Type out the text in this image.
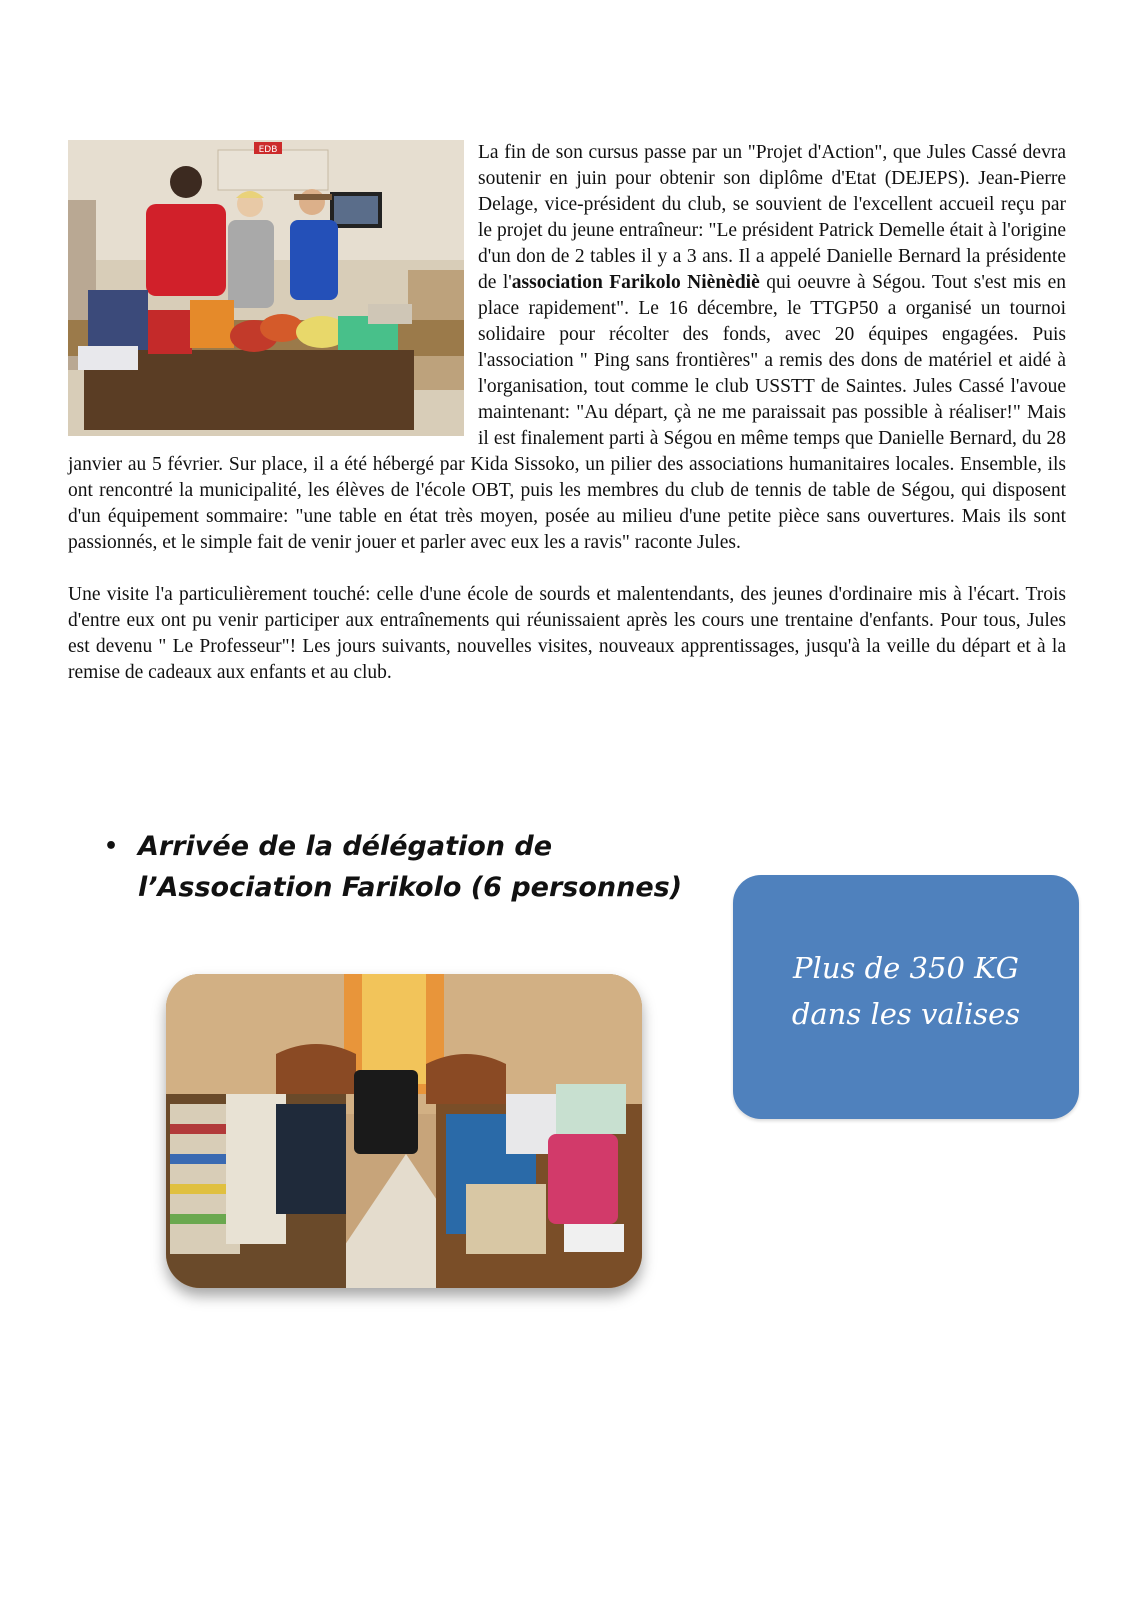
EDB	La fin de son cursus passe par un "Projet d'Action", que Jules Cassé devra soutenir en juin pour obtenir son diplôme d'Etat (DEJEPS). Jean-Pierre Delage, vice-président du club, se souvient de l'excellent accueil reçu par le projet du jeune entraîneur: "Le président Patrick Demelle était à l'origine d'un don de 2 tables il y a 3 ans. Il a appelé Danielle Bernard la présidente de l'association Farikolo Niènèdiè qui oeuvre à Ségou. Tout s'est mis en place rapidement". Le 16 décembre, le TTGP50 a organisé un tournoi solidaire pour récolter des fonds, avec 20 équipes engagées. Puis l'association " Ping sans frontières" a remis des dons de matériel et aidé à l'organisation, tout comme le club USSTT de Saintes. Jules Cassé l'avoue maintenant: "Au départ, çà ne me paraissait pas possible à réaliser!" Mais il est finalement parti à Ségou en même temps que Danielle Bernard, du 28 janvier au 5 février. Sur place, il a été hébergé par Kida Sissoko, un pilier des associations humanitaires locales. Ensemble, ils ont rencontré la municipalité, les élèves de l'école OBT, puis les membres du club de tennis de table de Ségou, qui disposent d'un équipement sommaire: "une table en état très moyen, posée au milieu d'une petite pièce sans ouvertures. Mais ils sont passionnés, et le simple fait de venir jouer et parler avec eux les a ravis" raconte Jules.

Une visite l'a particulièrement touché: celle d'une école de sourds et malentendants, des jeunes d'ordinaire mis à l'écart. Trois d'entre eux ont pu venir participer aux entraînements qui réunissaient après les cours une trentaine d'enfants. Pour tous, Jules est devenu " Le Professeur"! Les jours suivants, nouvelles visites, nouveaux apprentissages, jusqu'à la veille du départ et à la remise de cadeaux aux enfants et au club.

• Arrivée de la délégation de l’Association Farikolo (6 personnes)
Plus de 350 KG dans les valises
